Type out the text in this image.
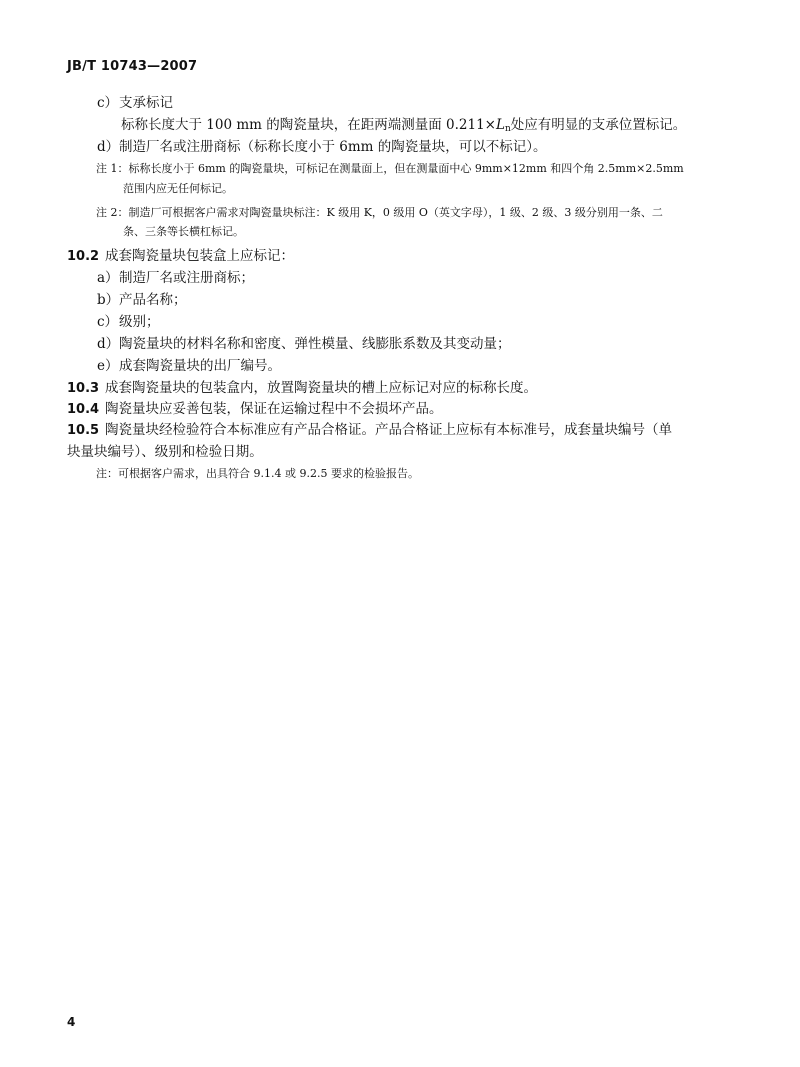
JB/T 10743—2007
c）支承标记
标称长度大于 100 mm 的陶瓷量块，在距两端测量面 $0.211\times L_n$处应有明显的支承位置标记。
d）制造厂名或注册商标（标称长度小于 6mm 的陶瓷量块，可以不标记）。
注 1：标称长度小于 6mm 的陶瓷量块，可标记在测量面上，但在测量面中心 9mm×12mm 和四个角 2.5mm×2.5mm
范围内应无任何标记。
注 2：制造厂可根据客户需求对陶瓷量块标注：K 级用 K，0 级用 O（英文字母），1 级、2 级、3 级分别用一条、二
条、三条等长横杠标记。
10.2 成套陶瓷量块包装盒上应标记：
a）制造厂名或注册商标；
b）产品名称；
c）级别；
d）陶瓷量块的材料名称和密度、弹性模量、线膨胀系数及其变动量；
e）成套陶瓷量块的出厂编号。
10.3 成套陶瓷量块的包装盒内，放置陶瓷量块的槽上应标记对应的标称长度。
10.4 陶瓷量块应妥善包装，保证在运输过程中不会损坏产品。
10.5 陶瓷量块经检验符合本标准应有产品合格证。产品合格证上应标有本标准号，成套量块编号（单
块量块编号）、级别和检验日期。
注：可根据客户需求，出具符合 9.1.4 或 9.2.5 要求的检验报告。
4
